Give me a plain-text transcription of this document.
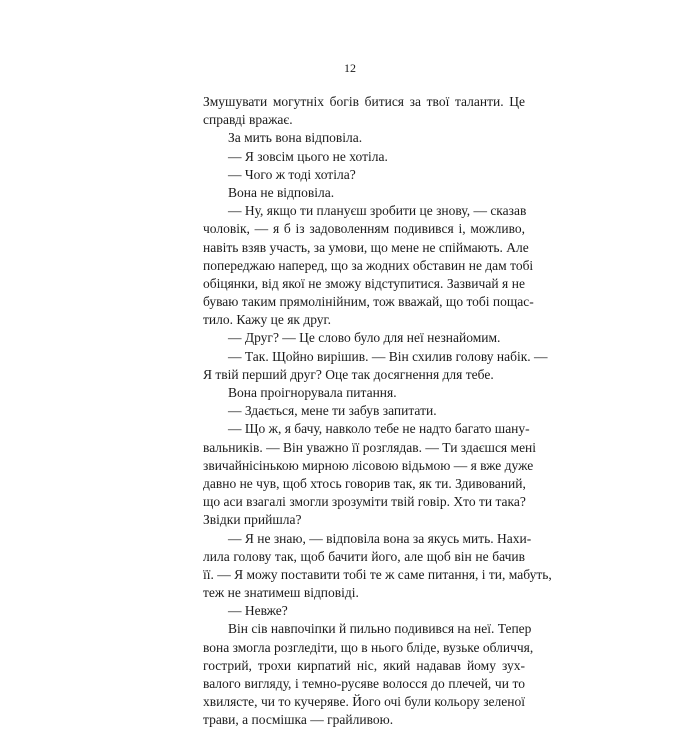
12
Змушувати могутніх богів битися за твої таланти. Це
справді вражає.
За мить вона відповіла.
— Я зовсім цього не хотіла.
— Чого ж тоді хотіла?
Вона не відповіла.
— Ну, якщо ти плануєш зробити це знову, — сказав
чоловік, — я б із задоволенням подивився і, можливо,
навіть взяв участь, за умови, що мене не спіймають. Але
попереджаю наперед, що за жодних обставин не дам тобі
обіцянки, від якої не зможу відступитися. Зазвичай я не
буваю таким прямолінійним, тож вважай, що тобі пощас-
тило. Кажу це як друг.
— Друг? — Це слово було для неї незнайомим.
— Так. Щойно вирішив. — Він схилив голову набік. —
Я твій перший друг? Оце так досягнення для тебе.
Вона проігнорувала питання.
— Здається, мене ти забув запитати.
— Що ж, я бачу, навколо тебе не надто багато шану-
вальників. — Він уважно її розглядав. — Ти здаєшся мені
звичайнісінькою мирною лісовою відьмою — я вже дуже
давно не чув, щоб хтось говорив так, як ти. Здивований,
що аси взагалі змогли зрозуміти твій говір. Хто ти така?
Звідки прийшла?
— Я не знаю, — відповіла вона за якусь мить. Нахи-
лила голову так, щоб бачити його, але щоб він не бачив
її. — Я можу поставити тобі те ж саме питання, і ти, мабуть,
теж не знатимеш відповіді.
— Невже?
Він сів навпочіпки й пильно подивився на неї. Тепер
вона змогла розгледіти, що в нього бліде, вузьке обличчя,
гострий, трохи кирпатий ніс, який надавав йому зух-
валого вигляду, і темно-русяве волосся до плечей, чи то
хвилясте, чи то кучеряве. Його очі були кольору зеленої
трави, а посмішка — грайливою.
